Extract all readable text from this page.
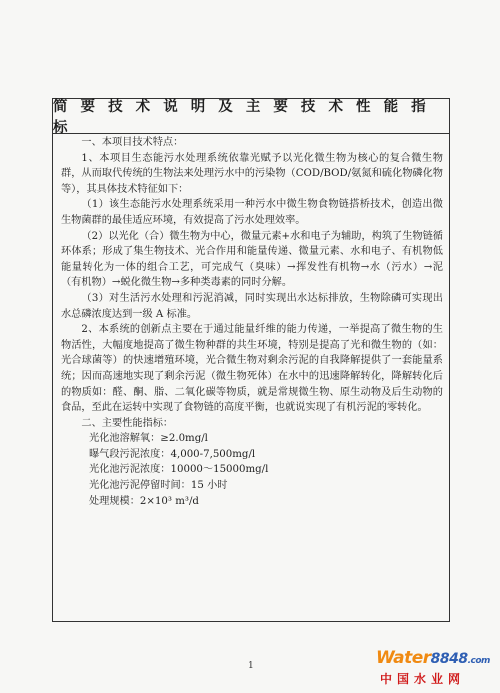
简 要 技 术 说 明 及 主 要 技 术 性 能 指 标

一、本项目技术特点：

1、本项目生态能污水处理系统依靠光赋予以光化微生物为核心的复合微生物群，从而取代传统的生物法来处理污水中的污染物（COD/BOD/氨氮和硫化物磷化物等），其具体技术特征如下：

（1）该生态能污水处理系统采用一种污水中微生物食物链搭桥技术，创造出微生物菌群的最佳适应环境，有效提高了污水处理效率。

（2）以光化（合）微生物为中心，微量元素+水和电子为辅助，构筑了生物链循环体系；形成了集生物技术、光合作用和能量传递、微量元素、水和电子、有机物低能量转化为一体的组合工艺，可完成气（臭味）→挥发性有机物→水（污水）→泥（有机物）→蜕化微生物→多种类毒素的同时分解。

（3）对生活污水处理和污泥消减，同时实现出水达标排放，生物除磷可实现出水总磷浓度达到一级 A 标准。

2、本系统的创新点主要在于通过能量纤维的能力传递，一举提高了微生物的生物活性，大幅度地提高了微生物种群的共生环境，特别是提高了光和微生物的（如：光合球菌等）的快速增殖环境，光合微生物对剩余污泥的自我降解提供了一套能量系统；因而高速地实现了剩余污泥（微生物死体）在水中的迅速降解转化，降解转化后的物质如：醛、酮、脂、二氧化碳等物质，就是常规微生物、原生动物及后生动物的食品，至此在运转中实现了食物链的高度平衡，也就说实现了有机污泥的零转化。

二、主要性能指标：

光化池溶解氧：≥2.0mg/l

曝气段污泥浓度：4,000-7,500mg/l

光化池污泥浓度：10000～15000mg/l

光化池污泥停留时间：15 小时

处理规模：2×10³ m³/d

1	Water8848.com
中国水业网
